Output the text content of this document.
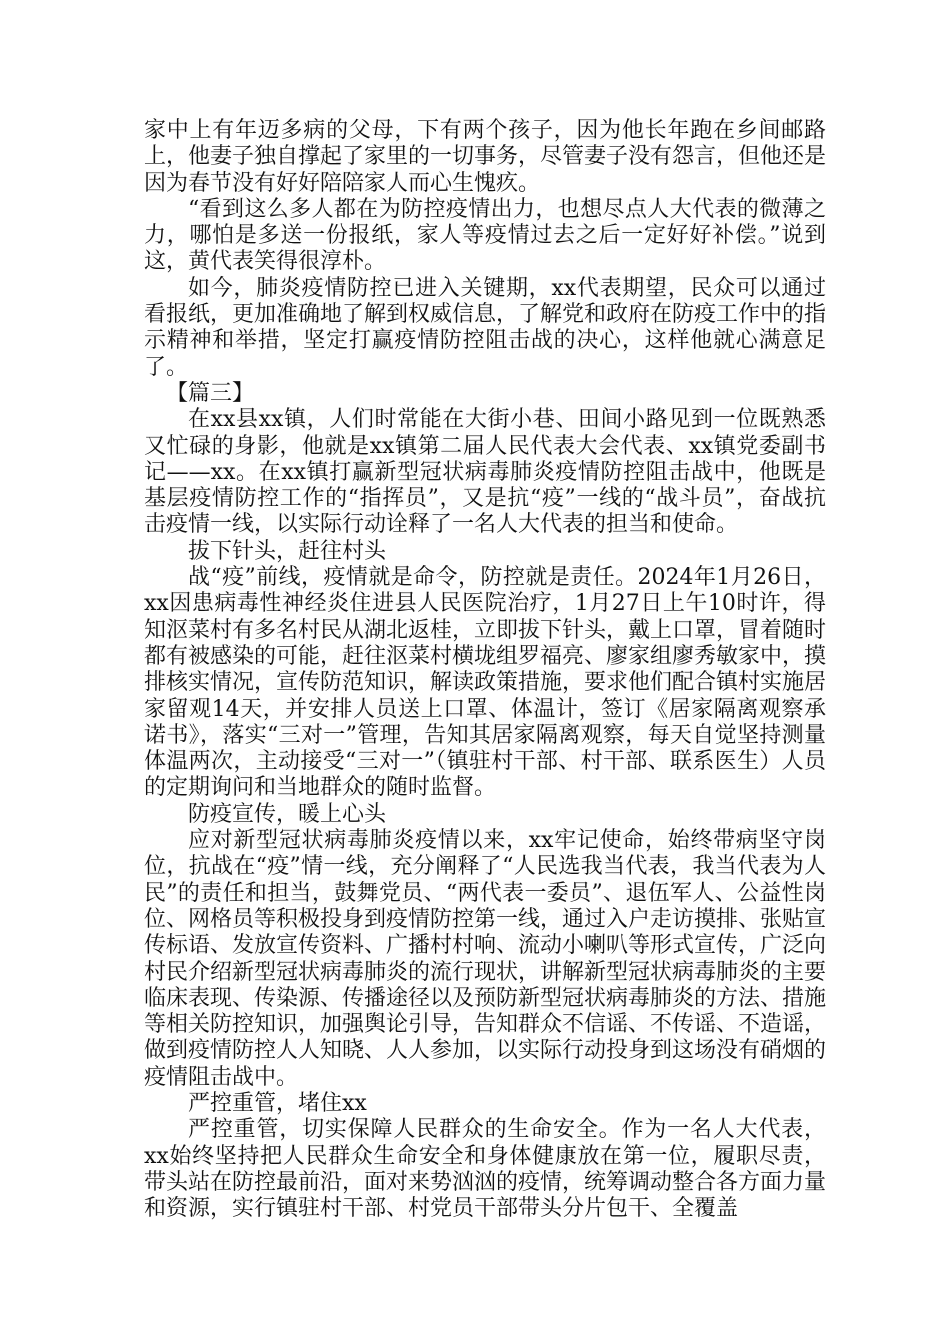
家中上有年迈多病的父母，下有两个孩子，因为他长年跑在乡间邮路上，他妻子独自撑起了家里的一切事务，尽管妻子没有怨言，但他还是因为春节没有好好陪陪家人而心生愧疚。

“看到这么多人都在为防控疫情出力，也想尽点人大代表的微薄之力，哪怕是多送一份报纸，家人等疫情过去之后一定好好补偿。”说到这，黄代表笑得很淳朴。

如今，肺炎疫情防控已进入关键期，xx代表期望，民众可以通过看报纸，更加准确地了解到权威信息，了解党和政府在防疫工作中的指示精神和举措，坚定打赢疫情防控阻击战的决心，这样他就心满意足了。

【篇三】

在xx县xx镇，人们时常能在大街小巷、田间小路见到一位既熟悉又忙碌的身影，他就是xx镇第二届人民代表大会代表、xx镇党委副书记——xx。在xx镇打赢新型冠状病毒肺炎疫情防控阻击战中，他既是基层疫情防控工作的“指挥员”，又是抗“疫”一线的“战斗员”，奋战抗击疫情一线，以实际行动诠释了一名人大代表的担当和使命。

拔下针头，赶往村头

战“疫”前线，疫情就是命令，防控就是责任。2024年1月26日，xx因患病毒性神经炎住进县人民医院治疗，1月27日上午10时许，得知沤菜村有多名村民从湖北返桂，立即拔下针头，戴上口罩，冒着随时都有被感染的可能，赶往沤菜村横垅组罗福亮、廖家组廖秀敏家中，摸排核实情况，宣传防范知识，解读政策措施，要求他们配合镇村实施居家留观14天，并安排人员送上口罩、体温计，签订《居家隔离观察承诺书》，落实“三对一”管理，告知其居家隔离观察，每天自觉坚持测量体温两次，主动接受“三对一”（镇驻村干部、村干部、联系医生）人员的定期询问和当地群众的随时监督。

防疫宣传，暖上心头

应对新型冠状病毒肺炎疫情以来，xx牢记使命，始终带病坚守岗位，抗战在“疫”情一线，充分阐释了“人民选我当代表，我当代表为人民”的责任和担当，鼓舞党员、“两代表一委员”、退伍军人、公益性岗位、网格员等积极投身到疫情防控第一线，通过入户走访摸排、张贴宣传标语、发放宣传资料、广播村村响、流动小喇叭等形式宣传，广泛向村民介绍新型冠状病毒肺炎的流行现状，讲解新型冠状病毒肺炎的主要临床表现、传染源、传播途径以及预防新型冠状病毒肺炎的方法、措施等相关防控知识，加强舆论引导，告知群众不信谣、不传谣、不造谣，做到疫情防控人人知晓、人人参加，以实际行动投身到这场没有硝烟的疫情阻击战中。

严控重管，堵住xx

严控重管，切实保障人民群众的生命安全。作为一名人大代表，xx始终坚持把人民群众生命安全和身体健康放在第一位，履职尽责，带头站在防控最前沿，面对来势汹汹的疫情，统筹调动整合各方面力量和资源，实行镇驻村干部、村党员干部带头分片包干、全覆盖
